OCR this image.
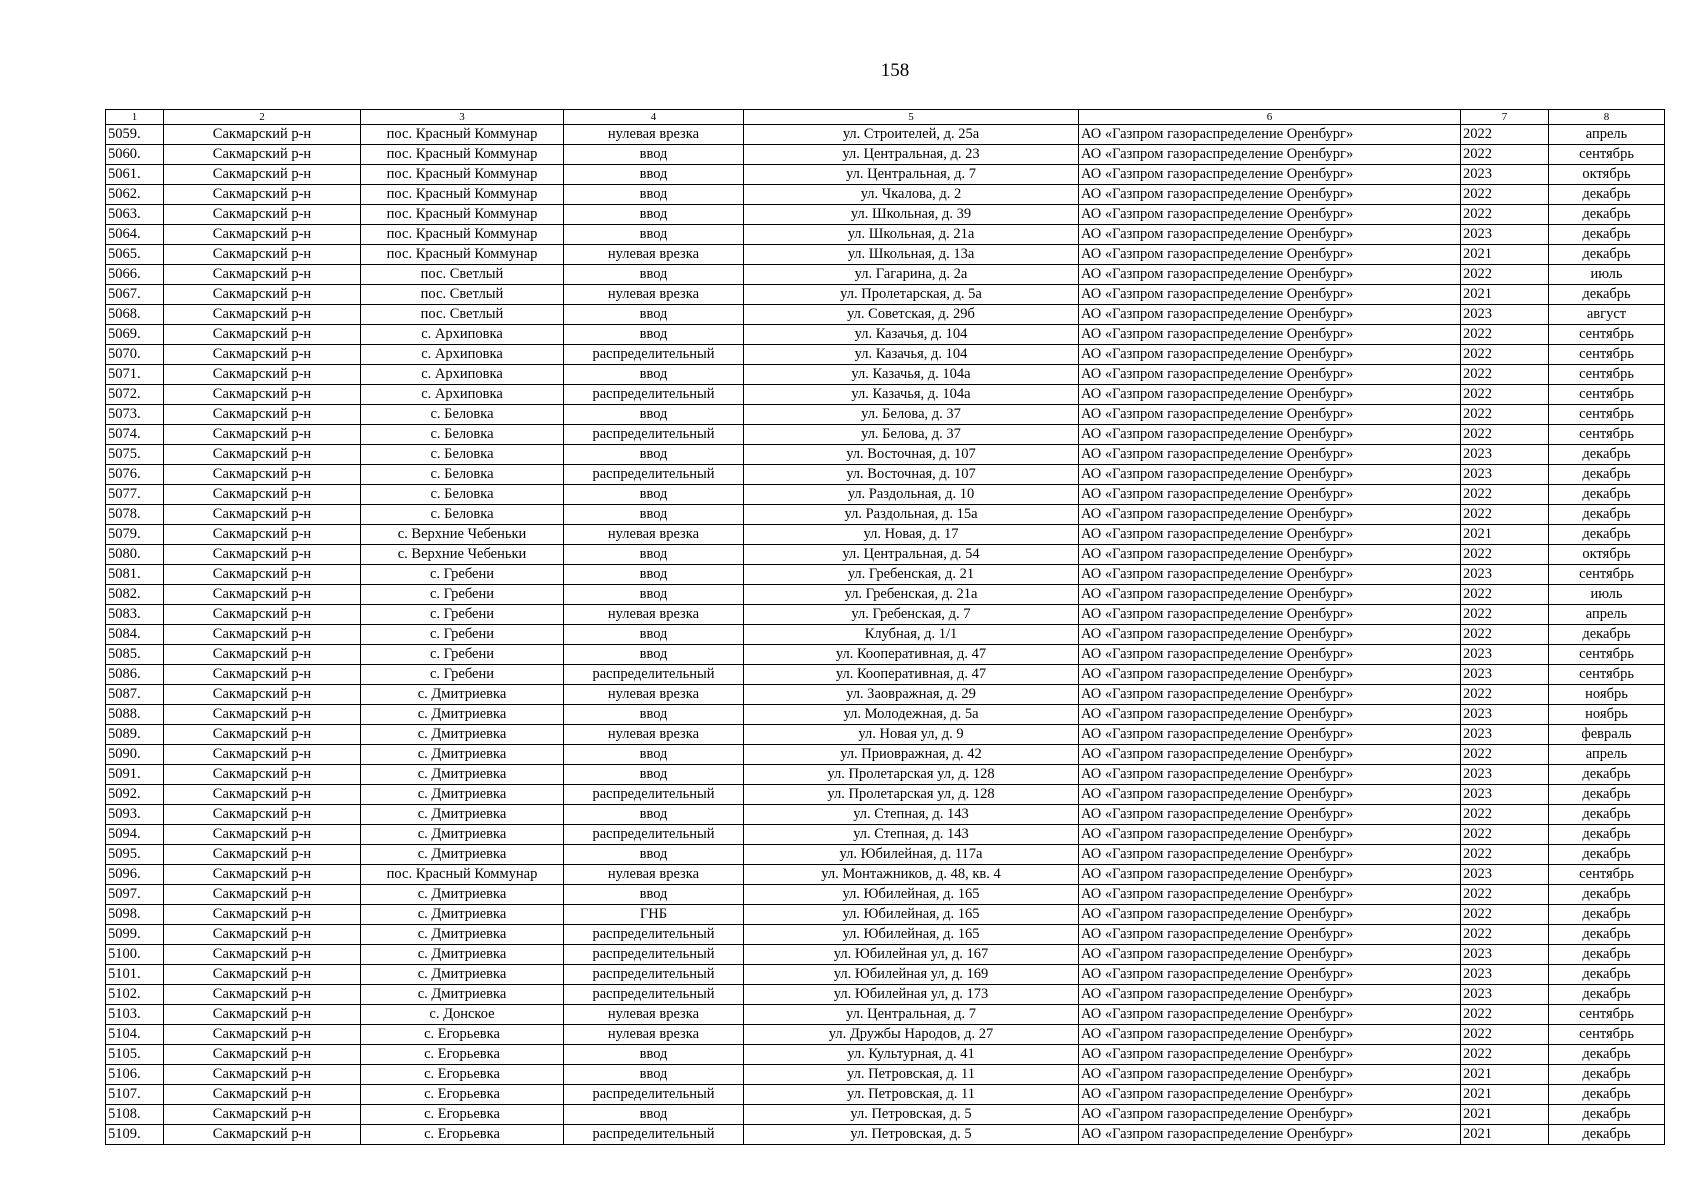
158
1	2	3	4	5	6	7	8
5059.	Сакмарский р-н	пос. Красный Коммунар	нулевая врезка	ул. Строителей, д. 25а	АО «Газпром газораспределение Оренбург»	2022	апрель
5060.	Сакмарский р-н	пос. Красный Коммунар	ввод	ул. Центральная, д. 23	АО «Газпром газораспределение Оренбург»	2022	сентябрь
5061.	Сакмарский р-н	пос. Красный Коммунар	ввод	ул. Центральная, д. 7	АО «Газпром газораспределение Оренбург»	2023	октябрь
5062.	Сакмарский р-н	пос. Красный Коммунар	ввод	ул. Чкалова, д. 2	АО «Газпром газораспределение Оренбург»	2022	декабрь
5063.	Сакмарский р-н	пос. Красный Коммунар	ввод	ул. Школьная, д. 39	АО «Газпром газораспределение Оренбург»	2022	декабрь
5064.	Сакмарский р-н	пос. Красный Коммунар	ввод	ул. Школьная, д. 21а	АО «Газпром газораспределение Оренбург»	2023	декабрь
5065.	Сакмарский р-н	пос. Красный Коммунар	нулевая врезка	ул. Школьная, д. 13а	АО «Газпром газораспределение Оренбург»	2021	декабрь
5066.	Сакмарский р-н	пос. Светлый	ввод	ул. Гагарина, д. 2а	АО «Газпром газораспределение Оренбург»	2022	июль
5067.	Сакмарский р-н	пос. Светлый	нулевая врезка	ул. Пролетарская, д. 5а	АО «Газпром газораспределение Оренбург»	2021	декабрь
5068.	Сакмарский р-н	пос. Светлый	ввод	ул. Советская, д. 29б	АО «Газпром газораспределение Оренбург»	2023	август
5069.	Сакмарский р-н	с. Архиповка	ввод	ул. Казачья, д. 104	АО «Газпром газораспределение Оренбург»	2022	сентябрь
5070.	Сакмарский р-н	с. Архиповка	распределительный	ул. Казачья, д. 104	АО «Газпром газораспределение Оренбург»	2022	сентябрь
5071.	Сакмарский р-н	с. Архиповка	ввод	ул. Казачья, д. 104а	АО «Газпром газораспределение Оренбург»	2022	сентябрь
5072.	Сакмарский р-н	с. Архиповка	распределительный	ул. Казачья, д. 104а	АО «Газпром газораспределение Оренбург»	2022	сентябрь
5073.	Сакмарский р-н	с. Беловка	ввод	ул. Белова, д. 37	АО «Газпром газораспределение Оренбург»	2022	сентябрь
5074.	Сакмарский р-н	с. Беловка	распределительный	ул. Белова, д. 37	АО «Газпром газораспределение Оренбург»	2022	сентябрь
5075.	Сакмарский р-н	с. Беловка	ввод	ул. Восточная, д. 107	АО «Газпром газораспределение Оренбург»	2023	декабрь
5076.	Сакмарский р-н	с. Беловка	распределительный	ул. Восточная, д. 107	АО «Газпром газораспределение Оренбург»	2023	декабрь
5077.	Сакмарский р-н	с. Беловка	ввод	ул. Раздольная, д. 10	АО «Газпром газораспределение Оренбург»	2022	декабрь
5078.	Сакмарский р-н	с. Беловка	ввод	ул. Раздольная, д. 15а	АО «Газпром газораспределение Оренбург»	2022	декабрь
5079.	Сакмарский р-н	с. Верхние Чебеньки	нулевая врезка	ул. Новая, д. 17	АО «Газпром газораспределение Оренбург»	2021	декабрь
5080.	Сакмарский р-н	с. Верхние Чебеньки	ввод	ул. Центральная, д. 54	АО «Газпром газораспределение Оренбург»	2022	октябрь
5081.	Сакмарский р-н	с. Гребени	ввод	ул. Гребенская, д. 21	АО «Газпром газораспределение Оренбург»	2023	сентябрь
5082.	Сакмарский р-н	с. Гребени	ввод	ул. Гребенская, д. 21а	АО «Газпром газораспределение Оренбург»	2022	июль
5083.	Сакмарский р-н	с. Гребени	нулевая врезка	ул. Гребенская, д. 7	АО «Газпром газораспределение Оренбург»	2022	апрель
5084.	Сакмарский р-н	с. Гребени	ввод	Клубная, д. 1/1	АО «Газпром газораспределение Оренбург»	2022	декабрь
5085.	Сакмарский р-н	с. Гребени	ввод	ул. Кооперативная, д. 47	АО «Газпром газораспределение Оренбург»	2023	сентябрь
5086.	Сакмарский р-н	с. Гребени	распределительный	ул. Кооперативная, д. 47	АО «Газпром газораспределение Оренбург»	2023	сентябрь
5087.	Сакмарский р-н	с. Дмитриевка	нулевая врезка	ул. Заовражная, д. 29	АО «Газпром газораспределение Оренбург»	2022	ноябрь
5088.	Сакмарский р-н	с. Дмитриевка	ввод	ул. Молодежная, д. 5а	АО «Газпром газораспределение Оренбург»	2023	ноябрь
5089.	Сакмарский р-н	с. Дмитриевка	нулевая врезка	ул. Новая ул, д. 9	АО «Газпром газораспределение Оренбург»	2023	февраль
5090.	Сакмарский р-н	с. Дмитриевка	ввод	ул. Приовражная, д. 42	АО «Газпром газораспределение Оренбург»	2022	апрель
5091.	Сакмарский р-н	с. Дмитриевка	ввод	ул. Пролетарская ул, д. 128	АО «Газпром газораспределение Оренбург»	2023	декабрь
5092.	Сакмарский р-н	с. Дмитриевка	распределительный	ул. Пролетарская ул, д. 128	АО «Газпром газораспределение Оренбург»	2023	декабрь
5093.	Сакмарский р-н	с. Дмитриевка	ввод	ул. Степная, д. 143	АО «Газпром газораспределение Оренбург»	2022	декабрь
5094.	Сакмарский р-н	с. Дмитриевка	распределительный	ул. Степная, д. 143	АО «Газпром газораспределение Оренбург»	2022	декабрь
5095.	Сакмарский р-н	с. Дмитриевка	ввод	ул. Юбилейная, д. 117а	АО «Газпром газораспределение Оренбург»	2022	декабрь
5096.	Сакмарский р-н	пос. Красный Коммунар	нулевая врезка	ул. Монтажников, д. 48, кв. 4	АО «Газпром газораспределение Оренбург»	2023	сентябрь
5097.	Сакмарский р-н	с. Дмитриевка	ввод	ул. Юбилейная, д. 165	АО «Газпром газораспределение Оренбург»	2022	декабрь
5098.	Сакмарский р-н	с. Дмитриевка	ГНБ	ул. Юбилейная, д. 165	АО «Газпром газораспределение Оренбург»	2022	декабрь
5099.	Сакмарский р-н	с. Дмитриевка	распределительный	ул. Юбилейная, д. 165	АО «Газпром газораспределение Оренбург»	2022	декабрь
5100.	Сакмарский р-н	с. Дмитриевка	распределительный	ул. Юбилейная ул, д. 167	АО «Газпром газораспределение Оренбург»	2023	декабрь
5101.	Сакмарский р-н	с. Дмитриевка	распределительный	ул. Юбилейная ул, д. 169	АО «Газпром газораспределение Оренбург»	2023	декабрь
5102.	Сакмарский р-н	с. Дмитриевка	распределительный	ул. Юбилейная ул, д. 173	АО «Газпром газораспределение Оренбург»	2023	декабрь
5103.	Сакмарский р-н	с. Донское	нулевая врезка	ул. Центральная, д. 7	АО «Газпром газораспределение Оренбург»	2022	сентябрь
5104.	Сакмарский р-н	с. Егорьевка	нулевая врезка	ул. Дружбы Народов, д. 27	АО «Газпром газораспределение Оренбург»	2022	сентябрь
5105.	Сакмарский р-н	с. Егорьевка	ввод	ул. Культурная, д. 41	АО «Газпром газораспределение Оренбург»	2022	декабрь
5106.	Сакмарский р-н	с. Егорьевка	ввод	ул. Петровская, д. 11	АО «Газпром газораспределение Оренбург»	2021	декабрь
5107.	Сакмарский р-н	с. Егорьевка	распределительный	ул. Петровская, д. 11	АО «Газпром газораспределение Оренбург»	2021	декабрь
5108.	Сакмарский р-н	с. Егорьевка	ввод	ул. Петровская, д. 5	АО «Газпром газораспределение Оренбург»	2021	декабрь
5109.	Сакмарский р-н	с. Егорьевка	распределительный	ул. Петровская, д. 5	АО «Газпром газораспределение Оренбург»	2021	декабрь
